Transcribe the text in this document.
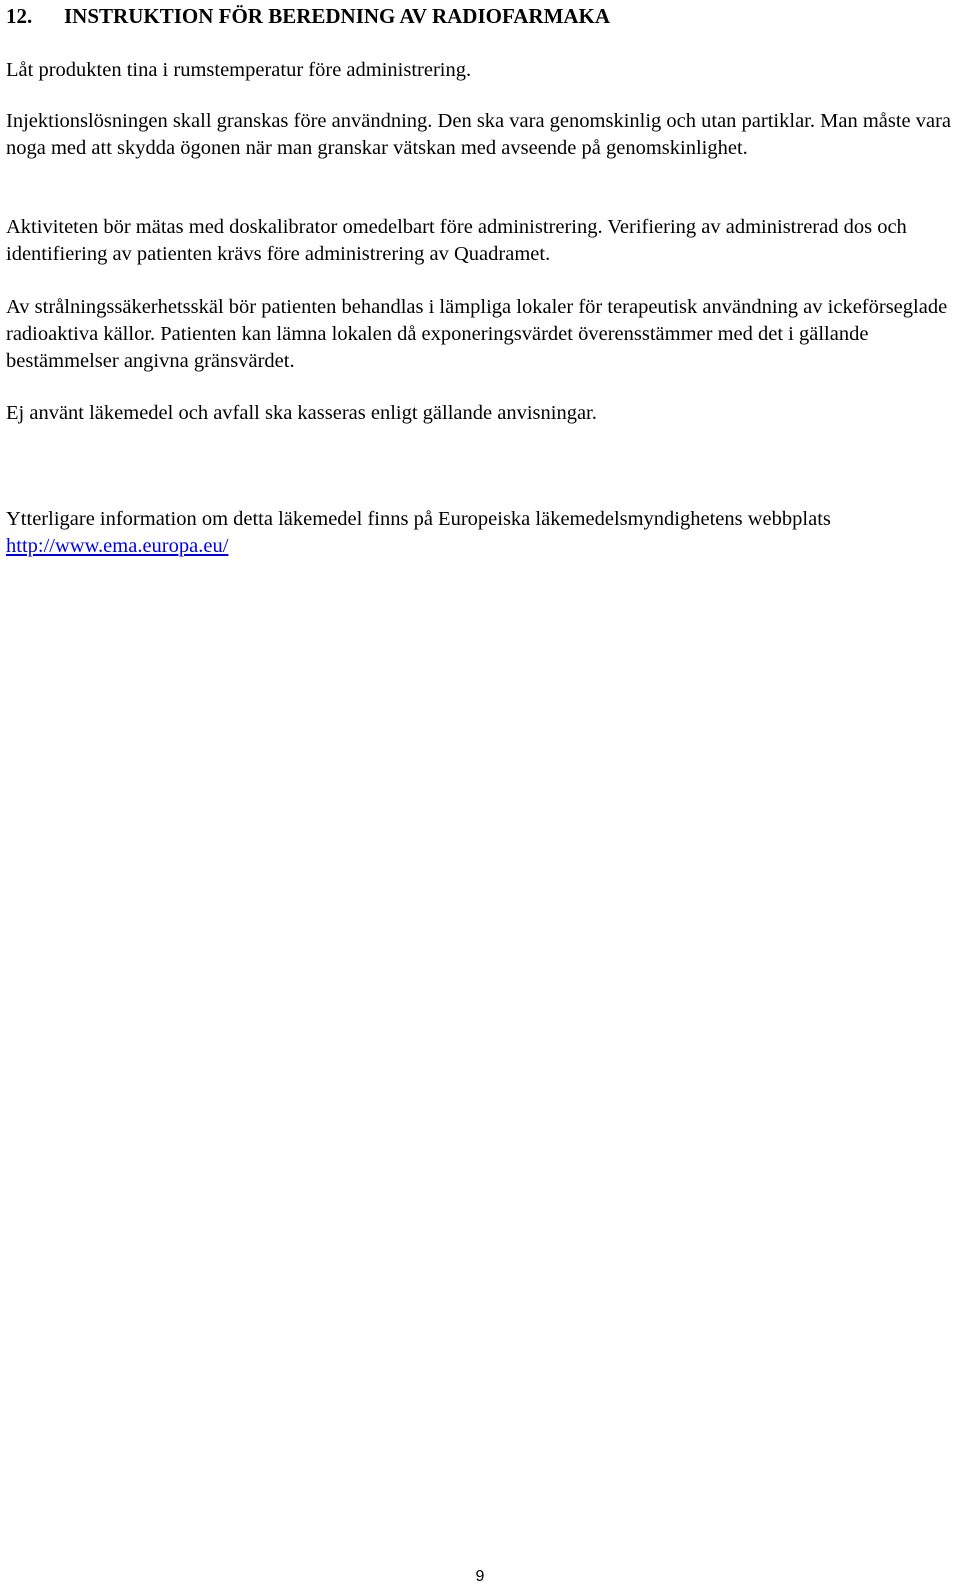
12. INSTRUKTION FÖR BEREDNING AV RADIOFARMAKA

Låt produkten tina i rumstemperatur före administrering.

Injektionslösningen skall granskas före användning. Den ska vara genomskinlig och utan partiklar. Man måste vara noga med att skydda ögonen när man granskar vätskan med avseende på genomskinlighet.

Aktiviteten bör mätas med doskalibrator omedelbart före administrering. Verifiering av administrerad dos och identifiering av patienten krävs före administrering av Quadramet.

Av strålningssäkerhetsskäl bör patienten behandlas i lämpliga lokaler för terapeutisk användning av ickeförseglade radioaktiva källor. Patienten kan lämna lokalen då exponeringsvärdet överensstämmer med det i gällande bestämmelser angivna gränsvärdet.

Ej använt läkemedel och avfall ska kasseras enligt gällande anvisningar.

Ytterligare information om detta läkemedel finns på Europeiska läkemedelsmyndighetens webbplats
http://www.ema.europa.eu/

9
